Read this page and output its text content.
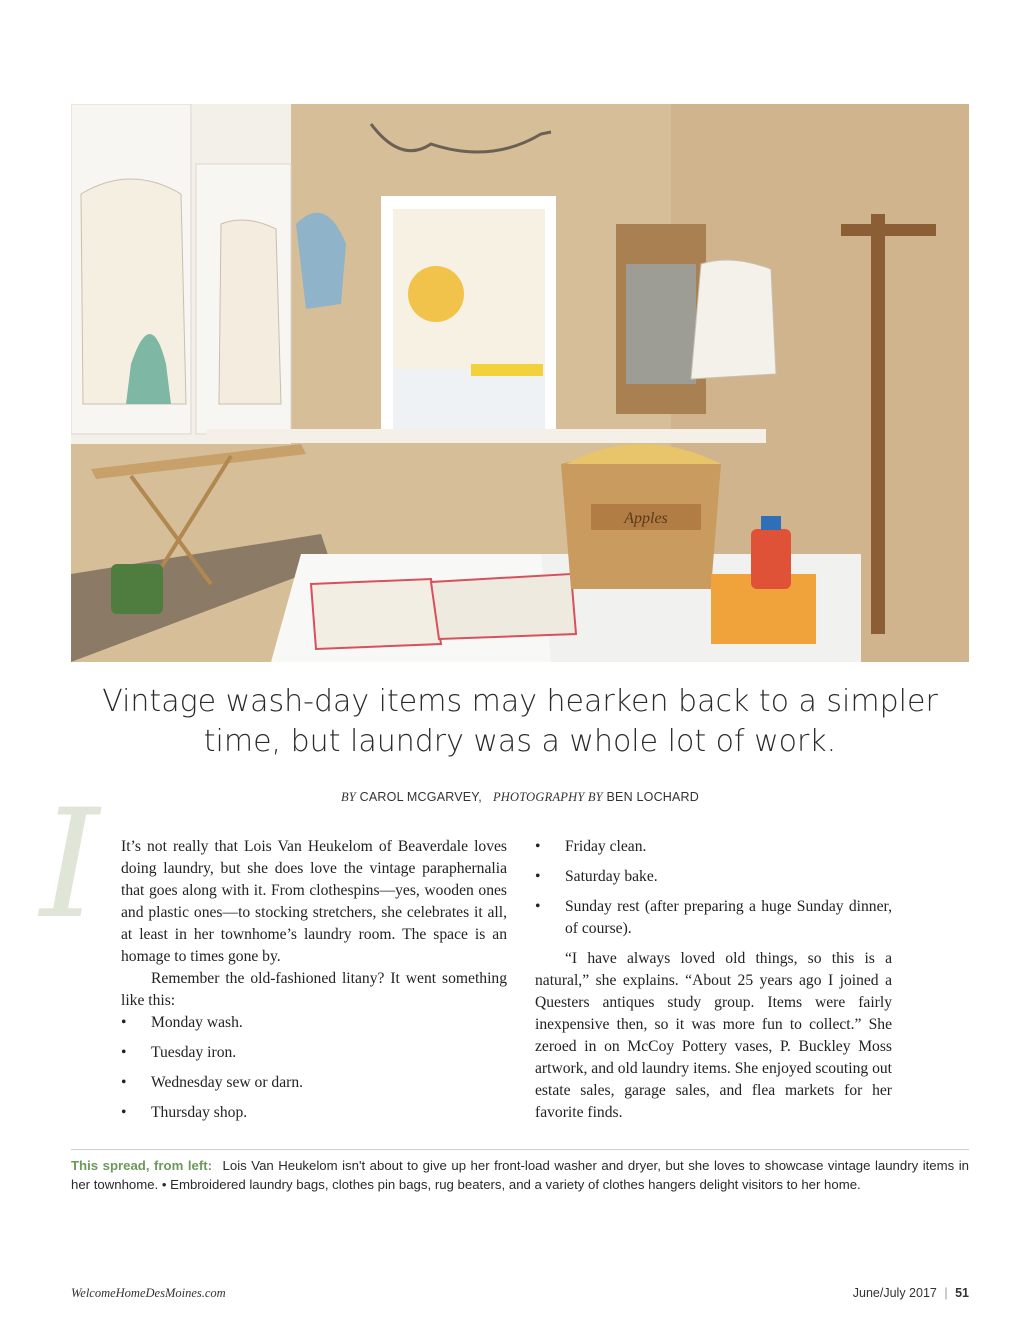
Apples
Vintage wash-day items may hearken back to a simpler
time, but laundry was a whole lot of work.
BY CAROL MCGARVEY, PHOTOGRAPHY BY BEN LOCHARD
I It’s not really that Lois Van Heukelom of Beaverdale loves doing laundry, but she does love the vintage paraphernalia that goes along with it. From clothespins—yes, wooden ones and plastic ones—to stocking stretchers, she celebrates it all, at least in her townhome’s laundry room. The space is an homage to times gone by.

Remember the old-fashioned litany? It went something like this:

• Monday wash.
• Tuesday iron.
• Wednesday sew or darn.
• Thursday shop.
• Friday clean.
• Saturday bake.
• Sunday rest (after preparing a huge Sunday dinner, of course).

“I have always loved old things, so this is a natural,” she explains. “About 25 years ago I joined a Questers antiques study group. Items were fairly inexpensive then, so it was more fun to collect.” She zeroed in on McCoy Pottery vases, P. Buckley Moss artwork, and old laundry items. She enjoyed scouting out estate sales, garage sales, and flea markets for her favorite finds.

This spread, from left: Lois Van Heukelom isn't about to give up her front-load washer and dryer, but she loves to showcase vintage laundry items in her townhome. • Embroidered laundry bags, clothes pin bags, rug beaters, and a variety of clothes hangers delight visitors to her home.
WelcomeHomeDesMoines.com	June/July 2017 | 51
